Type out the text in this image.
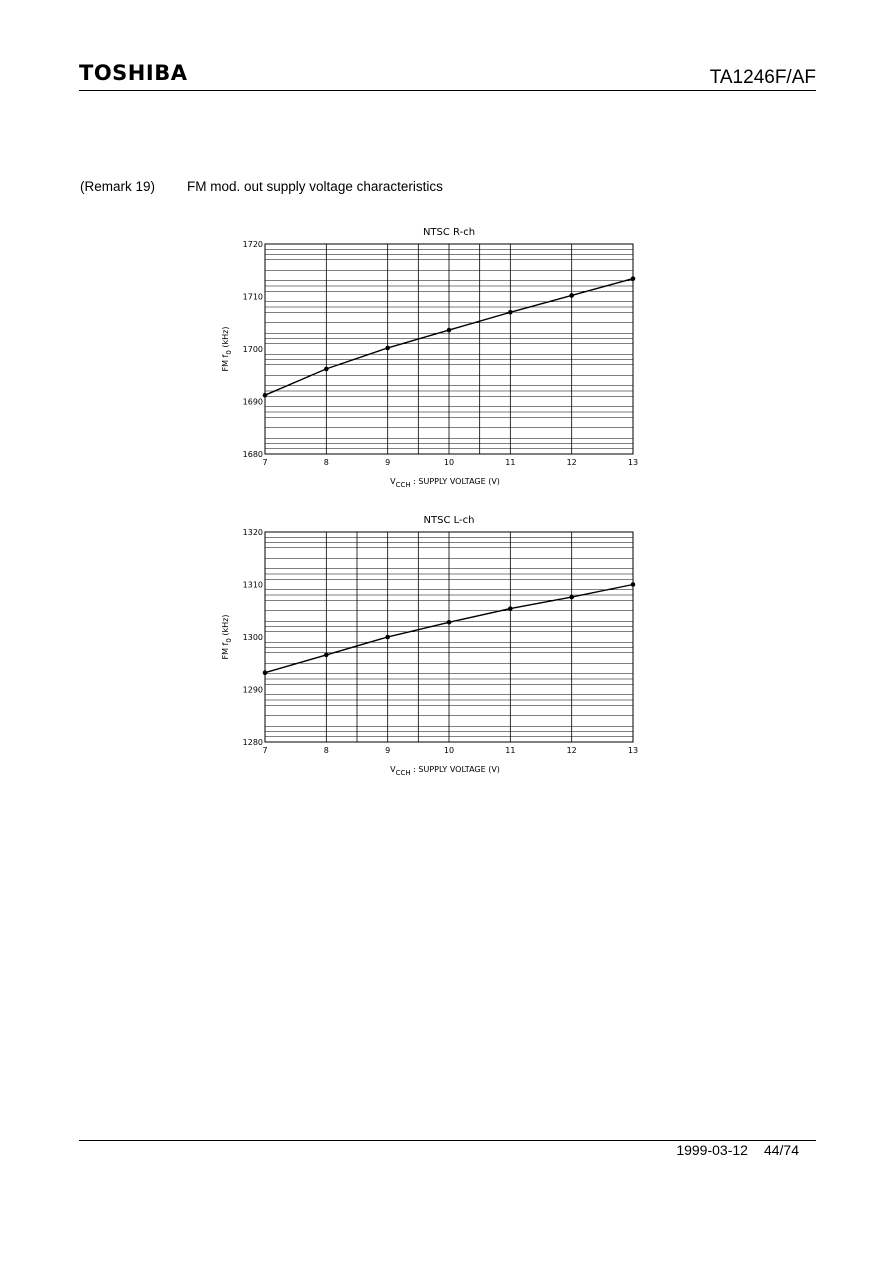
TOSHIBA	TA1246F/AF
(Remark 19) FM mod. out supply voltage characteristics
NTSC R-ch
1680
1690
1700
1710
1720
7	8	9	10	11	12	13
VCCH : SUPPLY VOLTAGE (V)
FM f0 (kHz)
NTSC L-ch
1280
1290
1300
1310
1320
7	8	9	10	11	12	13
VCCH : SUPPLY VOLTAGE (V)
FM f0 (kHz)
1999-03-12 44/74
